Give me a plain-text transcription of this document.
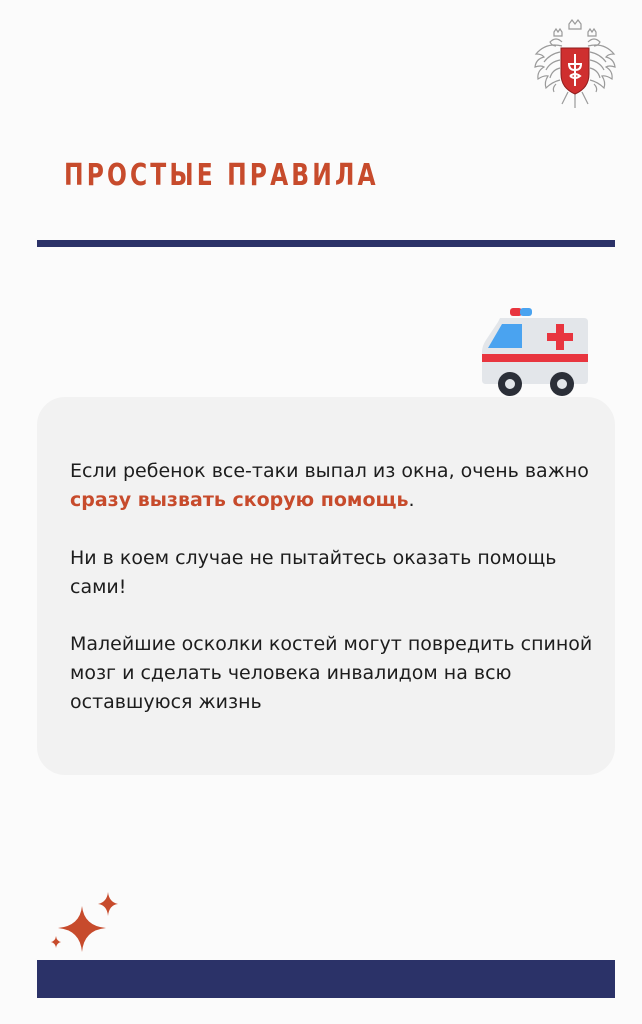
ПРОСТЫЕ ПРАВИЛА
Если ребенок все-таки выпал из окна, очень важно сразу вызвать скорую помощь.
Ни в коем случае не пытайтесь оказать помощь сами!
Малейшие осколки костей могут повредить спиной мозг и сделать человека инвалидом на всю оставшуюся жизнь
